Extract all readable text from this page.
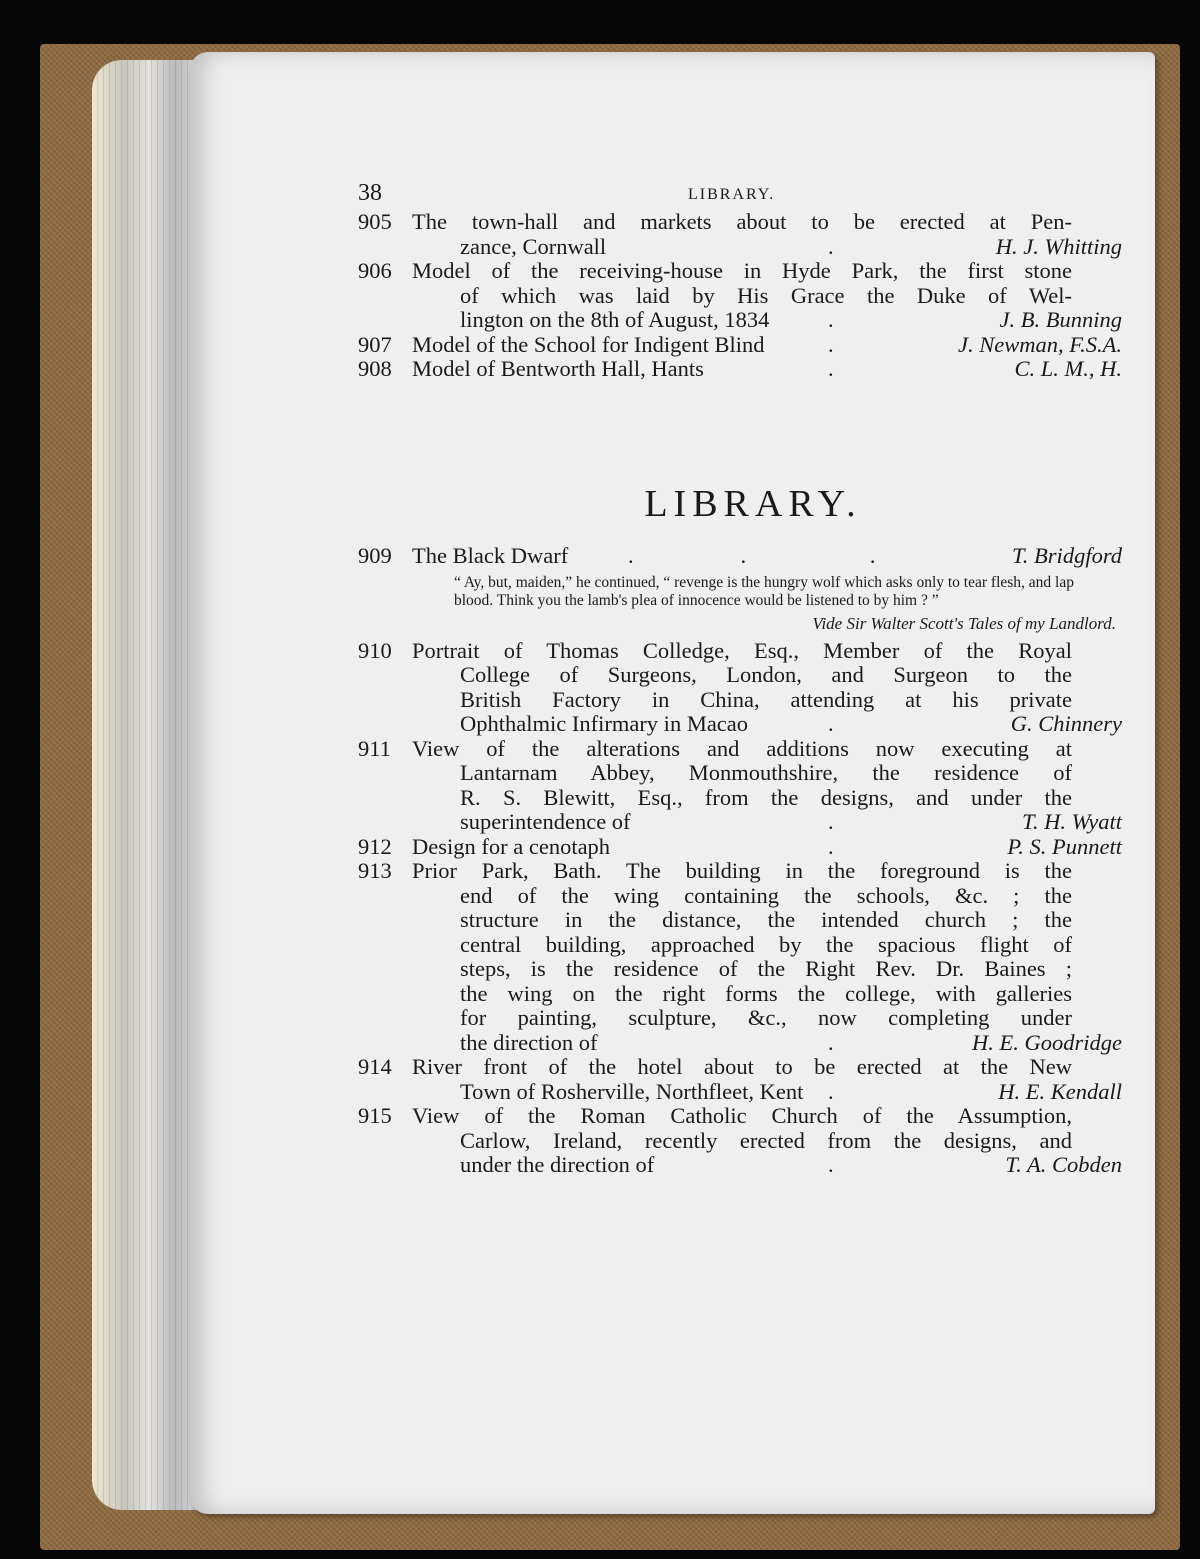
38	LIBRARY.
905 The town-hall and markets about to be erected at Pen-
zance, Cornwall	.	H. J. Whitting
906 Model of the receiving-house in Hyde Park, the first stone
of which was laid by His Grace the Duke of Wel-
lington on the 8th of August, 1834	.	J. B. Bunning
907 Model of the School for Indigent Blind	.	J. Newman, F.S.A.
908 Model of Bentworth Hall, Hants	.	C. L. M., H.
LIBRARY.
909 The Black Dwarf	.                   .                      .	T. Bridgford
“ Ay, but, maiden,” he continued, “ revenge is the hungry wolf which asks only to tear flesh, and lap blood. Think you the lamb's plea of innocence would be listened to by him ? ”
Vide Sir Walter Scott's Tales of my Landlord.
910 Portrait of Thomas Colledge, Esq., Member of the Royal
College of Surgeons, London, and Surgeon to the
British Factory in China, attending at his private
Ophthalmic Infirmary in Macao	.	G. Chinnery
911 View of the alterations and additions now executing at
Lantarnam Abbey, Monmouthshire, the residence of
R. S. Blewitt, Esq., from the designs, and under the
superintendence of	.	T. H. Wyatt
912 Design for a cenotaph	.	P. S. Punnett
913 Prior Park, Bath. The building in the foreground is the
end of the wing containing the schools, &c. ; the
structure in the distance, the intended church ; the
central building, approached by the spacious flight of
steps, is the residence of the Right Rev. Dr. Baines ;
the wing on the right forms the college, with galleries
for painting, sculpture, &c., now completing under
the direction of	.	H. E. Goodridge
914 River front of the hotel about to be erected at the New
Town of Rosherville, Northfleet, Kent .	H. E. Kendall
915 View of the Roman Catholic Church of the Assumption,
Carlow, Ireland, recently erected from the designs, and
under the direction of	.	T. A. Cobden
